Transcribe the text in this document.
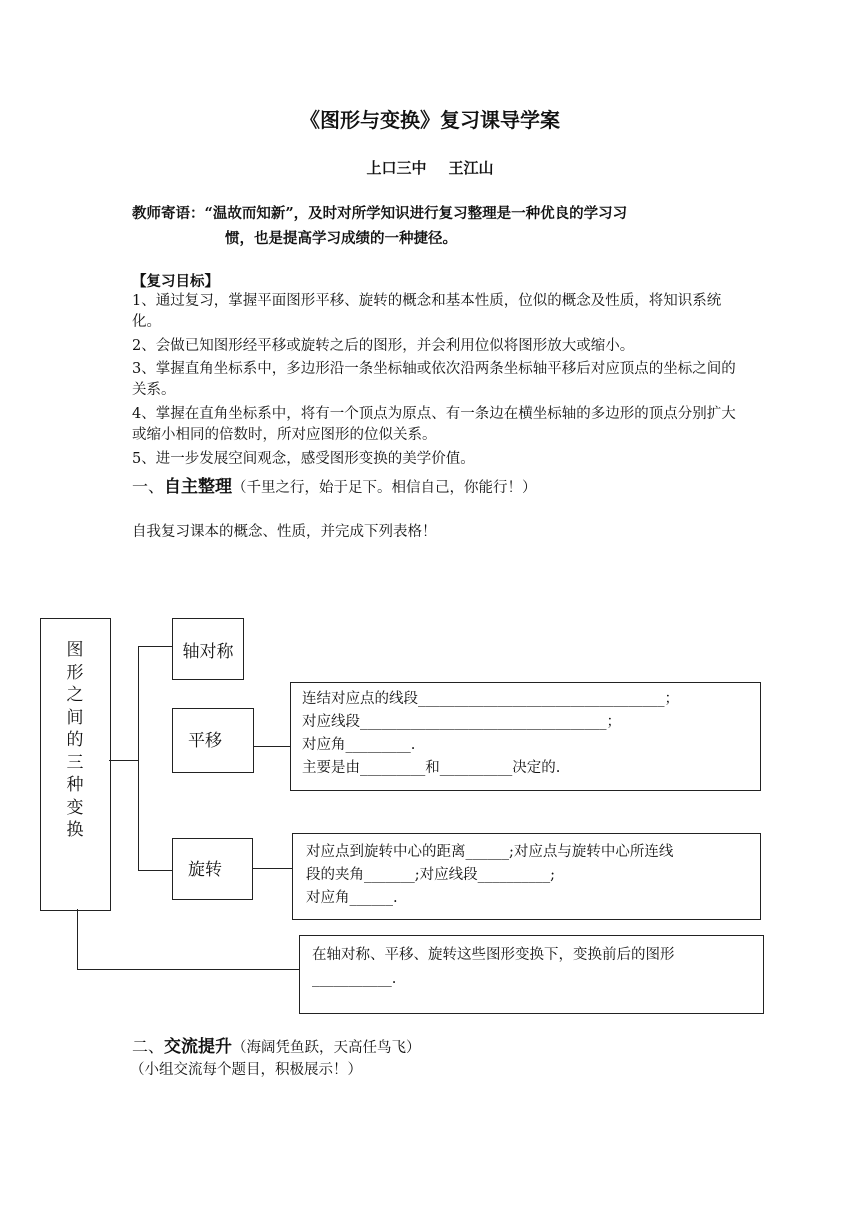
《图形与变换》复习课导学案
上口三中 王江山
教师寄语：“温故而知新”，及时对所学知识进行复习整理是一种优良的学习习
惯，也是提高学习成绩的一种捷径。
【复习目标】
1、通过复习，掌握平面图形平移、旋转的概念和基本性质，位似的概念及性质，将知识系统化。
2、会做已知图形经平移或旋转之后的图形，并会利用位似将图形放大或缩小。
3、掌握直角坐标系中，多边形沿一条坐标轴或依次沿两条坐标轴平移后对应顶点的坐标之间的关系。
4、掌握在直角坐标系中，将有一个顶点为原点、有一条边在横坐标轴的多边形的顶点分别扩大或缩小相同的倍数时，所对应图形的位似关系。
5、进一步发展空间观念，感受图形变换的美学价值。
一、自主整理（千里之行，始于足下。相信自己，你能行！）
自我复习课本的概念、性质，并完成下列表格！
图形之间的三种变换
轴对称
平移
旋转
连结对应点的线段__________________________________；
对应线段__________________________________；
对应角_________.
主要是由_________和__________决定的.
对应点到旋转中心的距离______;对应点与旋转中心所连线
段的夹角_______;对应线段__________;
对应角______.
在轴对称、平移、旋转这些图形变换下，变换前后的图形
___________.
二、交流提升（海阔凭鱼跃，天高任鸟飞）
（小组交流每个题目，积极展示！）
